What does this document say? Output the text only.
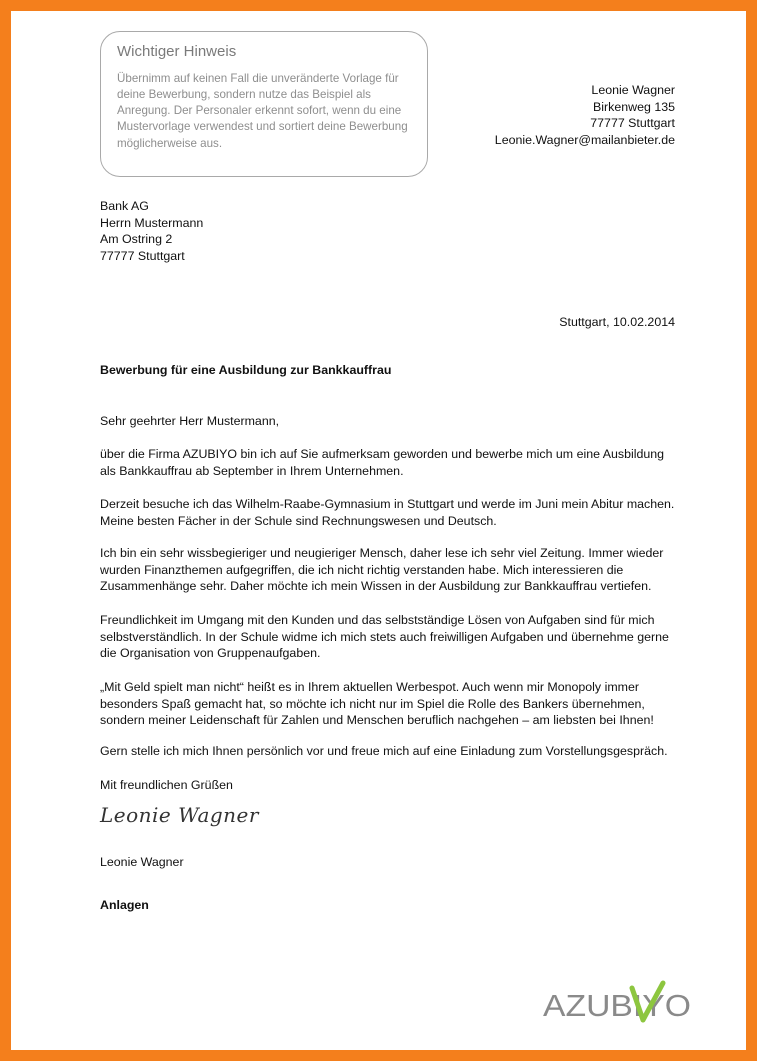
Wichtiger Hinweis
Übernimm auf keinen Fall die unveränderte Vorlage für deine Bewerbung, sondern nutze das Beispiel als Anregung. Der Personaler erkennt sofort, wenn du eine Mustervorlage verwendest und sortiert deine Bewerbung möglicherweise aus.
Leonie Wagner
Birkenweg 135
77777 Stuttgart
Leonie.Wagner@mailanbieter.de
Bank AG
Herrn Mustermann
Am Ostring 2
77777 Stuttgart
Stuttgart, 10.02.2014
Bewerbung für eine Ausbildung zur Bankkauffrau
Sehr geehrter Herr Mustermann,
über die Firma AZUBIYO bin ich auf Sie aufmerksam geworden und bewerbe mich um eine Ausbildung als Bankkauffrau ab September in Ihrem Unternehmen.
Derzeit besuche ich das Wilhelm-Raabe-Gymnasium in Stuttgart und werde im Juni mein Abitur machen. Meine besten Fächer in der Schule sind Rechnungswesen und Deutsch.
Ich bin ein sehr wissbegieriger und neugieriger Mensch, daher lese ich sehr viel Zeitung. Immer wieder wurden Finanzthemen aufgegriffen, die ich nicht richtig verstanden habe. Mich interessieren die Zusammenhänge sehr. Daher möchte ich mein Wissen in der Ausbildung zur Bankkauffrau vertiefen.
Freundlichkeit im Umgang mit den Kunden und das selbstständige Lösen von Aufgaben sind für mich selbstverständlich. In der Schule widme ich mich stets auch freiwilligen Aufgaben und übernehme gerne die Organisation von Gruppenaufgaben.
„Mit Geld spielt man nicht“ heißt es in Ihrem aktuellen Werbespot. Auch wenn mir Monopoly immer besonders Spaß gemacht hat, so möchte ich nicht nur im Spiel die Rolle des Bankers übernehmen, sondern meiner Leidenschaft für Zahlen und Menschen beruflich nachgehen – am liebsten bei Ihnen!
Gern stelle ich mich Ihnen persönlich vor und freue mich auf eine Einladung zum Vorstellungsgespräch.
Mit freundlichen Grüßen
Leonie Wagner
Leonie Wagner
Anlagen
AZUBIYO
